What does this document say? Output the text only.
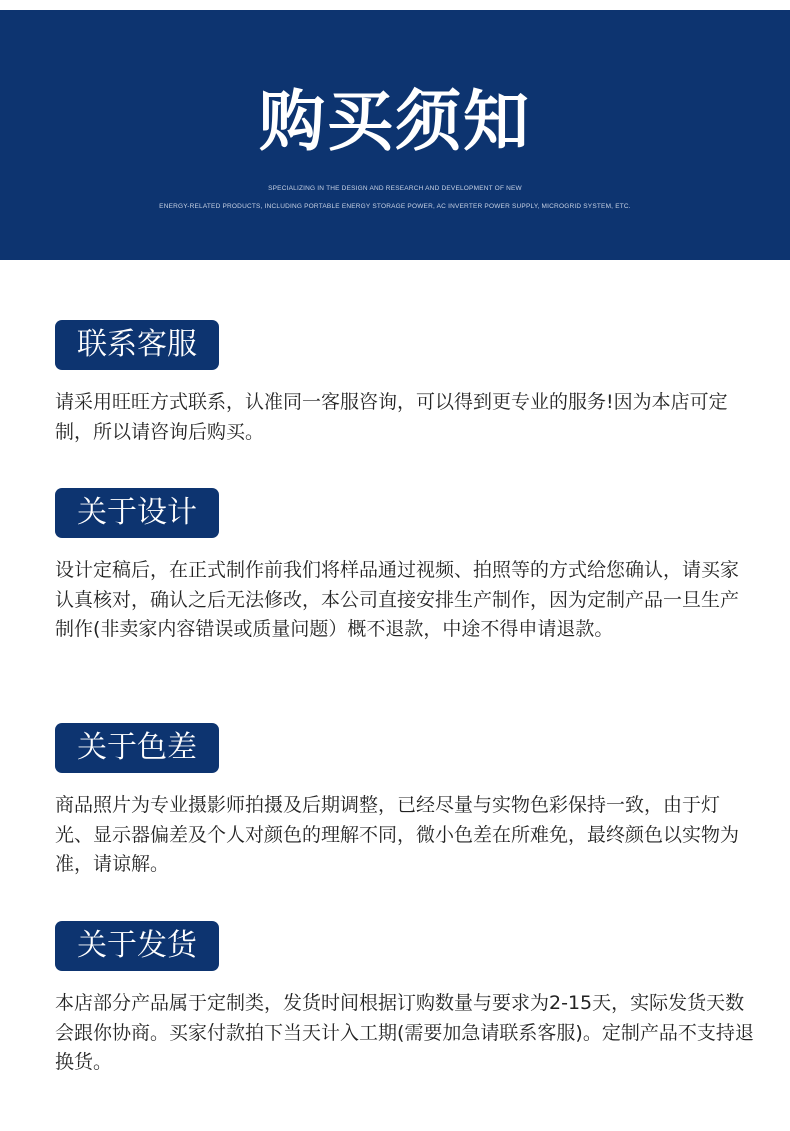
购买须知
SPECIALIZING IN THE DESIGN AND RESEARCH AND DEVELOPMENT OF NEW
ENERGY-RELATED PRODUCTS, INCLUDING PORTABLE ENERGY STORAGE POWER, AC INVERTER POWER SUPPLY, MICROGRID SYSTEM, ETC.
联系客服
请采用旺旺方式联系，认准同一客服咨询，可以得到更专业的服务!因为本店可定制，所以请咨询后购买。
关于设计
设计定稿后，在正式制作前我们将样品通过视频、拍照等的方式给您确认，请买家认真核对，确认之后无法修改，本公司直接安排生产制作，因为定制产品一旦生产制作(非卖家内容错误或质量问题）概不退款，中途不得申请退款。
关于色差
商品照片为专业摄影师拍摄及后期调整，已经尽量与实物色彩保持一致，由于灯光、显示器偏差及个人对颜色的理解不同，微小色差在所难免，最终颜色以实物为准，请谅解。
关于发货
本店部分产品属于定制类，发货时间根据订购数量与要求为2-15天，实际发货天数会跟你协商。买家付款拍下当天计入工期(需要加急请联系客服)。定制产品不支持退换货。
